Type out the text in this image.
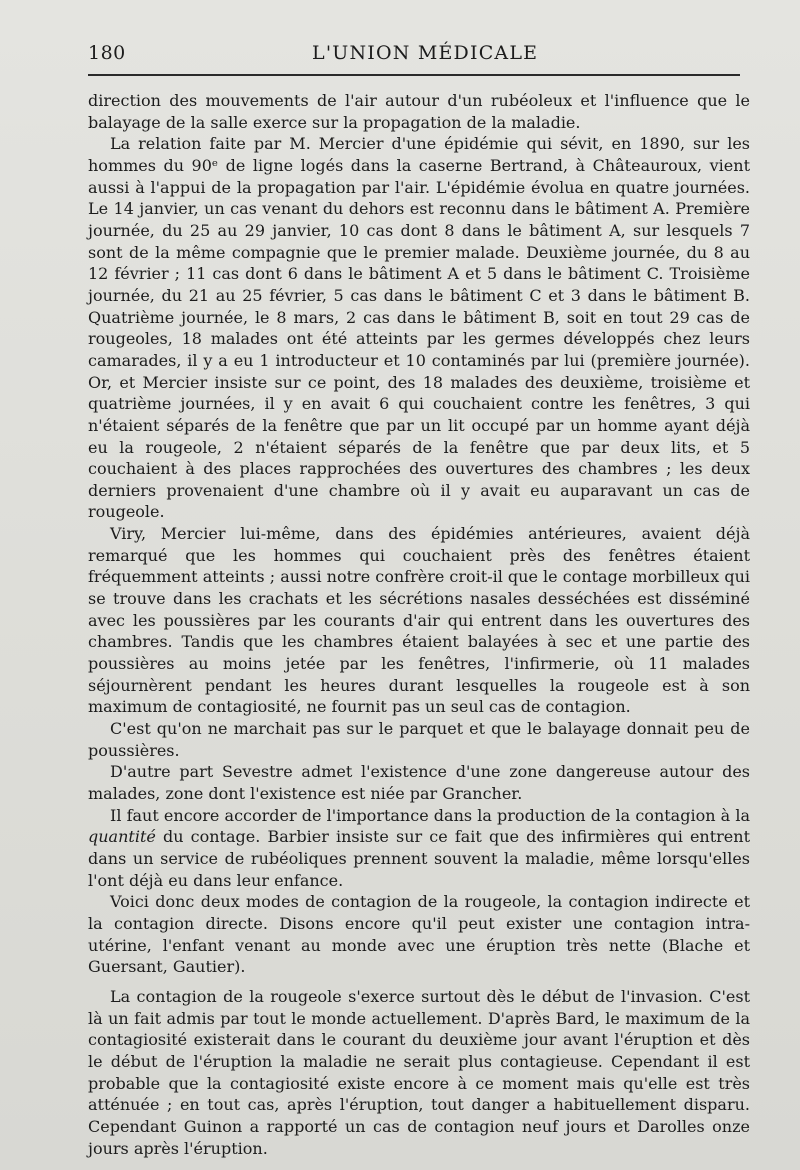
180	L'UNION MÉDICALE

direction des mouvements de l'air autour d'un rubéoleux et l'influence que le balayage de la salle exerce sur la propagation de la maladie.

La relation faite par M. Mercier d'une épidémie qui sévit, en 1890, sur les hommes du 90ᵉ de ligne logés dans la caserne Bertrand, à Châteauroux, vient aussi à l'appui de la propagation par l'air. L'épidémie évolua en quatre journées. Le 14 janvier, un cas venant du dehors est reconnu dans le bâtiment A. Première journée, du 25 au 29 janvier, 10 cas dont 8 dans le bâtiment A, sur lesquels 7 sont de la même compagnie que le premier malade. Deuxième journée, du 8 au 12 février ; 11 cas dont 6 dans le bâtiment A et 5 dans le bâtiment C. Troisième journée, du 21 au 25 février, 5 cas dans le bâtiment C et 3 dans le bâtiment B. Quatrième journée, le 8 mars, 2 cas dans le bâtiment B, soit en tout 29 cas de rougeoles, 18 malades ont été atteints par les germes développés chez leurs camarades, il y a eu 1 introducteur et 10 contaminés par lui (première journée). Or, et Mercier insiste sur ce point, des 18 malades des deuxième, troisième et quatrième journées, il y en avait 6 qui couchaient contre les fenêtres, 3 qui n'étaient séparés de la fenêtre que par un lit occupé par un homme ayant déjà eu la rougeole, 2 n'étaient séparés de la fenêtre que par deux lits, et 5 couchaient à des places rapprochées des ouvertures des chambres ; les deux derniers provenaient d'une chambre où il y avait eu auparavant un cas de rougeole.

Viry, Mercier lui-même, dans des épidémies antérieures, avaient déjà remarqué que les hommes qui couchaient près des fenêtres étaient fréquemment atteints ; aussi notre confrère croit-il que le contage morbilleux qui se trouve dans les crachats et les sécrétions nasales desséchées est disséminé avec les poussières par les courants d'air qui entrent dans les ouvertures des chambres. Tandis que les chambres étaient balayées à sec et une partie des poussières au moins jetée par les fenêtres, l'infirmerie, où 11 malades séjournèrent pendant les heures durant lesquelles la rougeole est à son maximum de contagiosité, ne fournit pas un seul cas de contagion.

C'est qu'on ne marchait pas sur le parquet et que le balayage donnait peu de poussières.

D'autre part Sevestre admet l'existence d'une zone dangereuse autour des malades, zone dont l'existence est niée par Grancher.

Il faut encore accorder de l'importance dans la production de la contagion à la quantité du contage. Barbier insiste sur ce fait que des infirmières qui entrent dans un service de rubéoliques prennent souvent la maladie, même lorsqu'elles l'ont déjà eu dans leur enfance.

Voici donc deux modes de contagion de la rougeole, la contagion indirecte et la contagion directe. Disons encore qu'il peut exister une contagion intra-utérine, l'enfant venant au monde avec une éruption très nette (Blache et Guersant, Gautier).

La contagion de la rougeole s'exerce surtout dès le début de l'invasion. C'est là un fait admis par tout le monde actuellement. D'après Bard, le maximum de la contagiosité existerait dans le courant du deuxième jour avant l'éruption et dès le début de l'éruption la maladie ne serait plus contagieuse. Cependant il est probable que la contagiosité existe encore à ce moment mais qu'elle est très atténuée ; en tout cas, après l'éruption, tout danger a habituellement disparu. Cependant Guinon a rapporté un cas de contagion neuf jours et Darolles onze jours après l'éruption.
